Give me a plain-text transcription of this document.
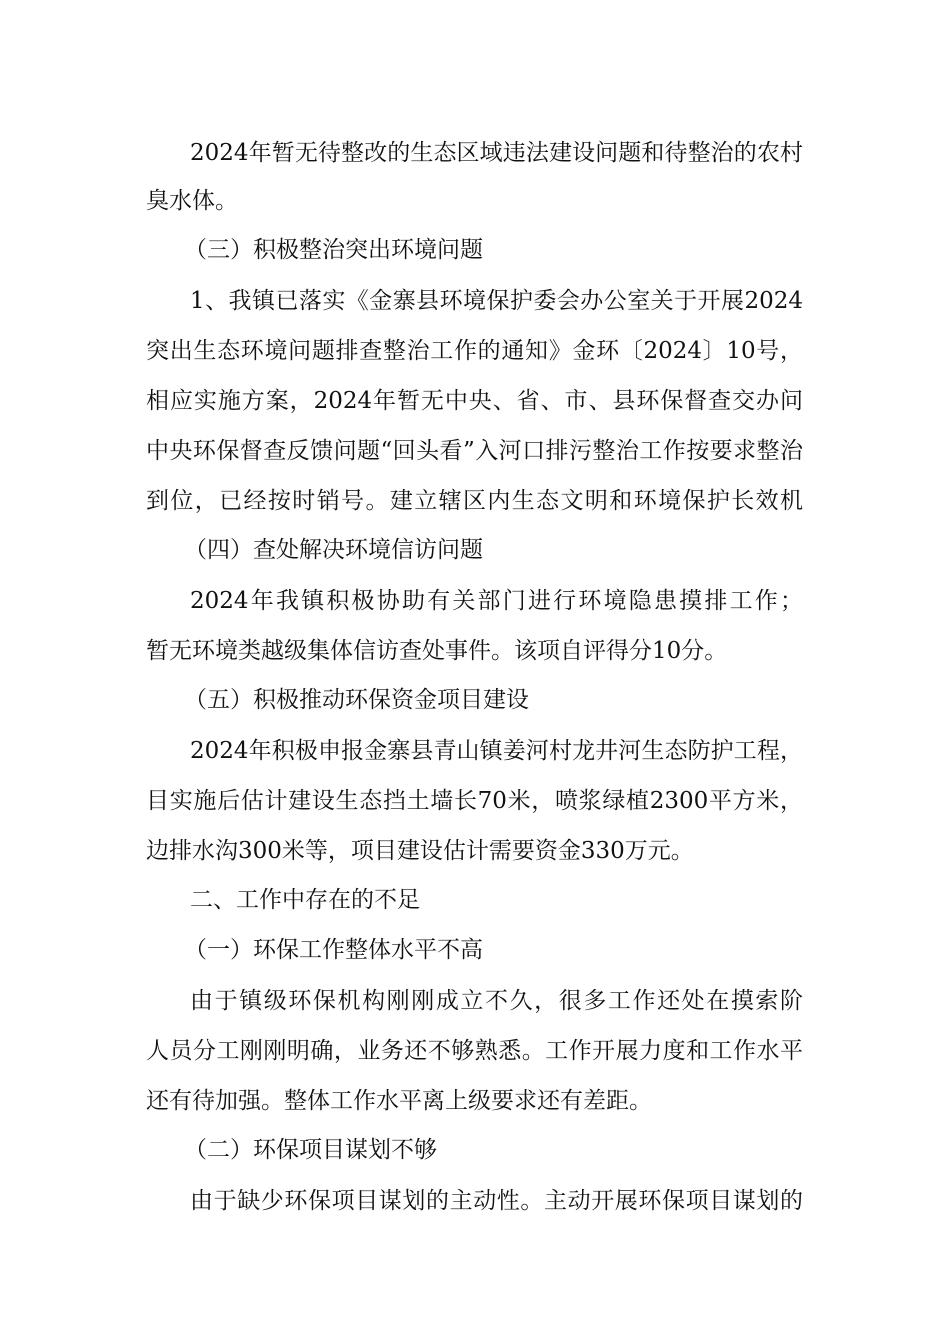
2024年暂无待整改的生态区域违法建设问题和待整治的农村
臭水体。
（三）积极整治突出环境问题
1、我镇已落实《金寨县环境保护委会办公室关于开展2024
突出生态环境问题排查整治工作的通知》金环〔2024〕10号，
相应实施方案，2024年暂无中央、省、市、县环保督查交办问
中央环保督查反馈问题“回头看”入河口排污整治工作按要求整治
到位，已经按时销号。建立辖区内生态文明和环境保护长效机
（四）查处解决环境信访问题
2024年我镇积极协助有关部门进行环境隐患摸排工作；
暂无环境类越级集体信访查处事件。该项自评得分10分。
（五）积极推动环保资金项目建设
2024年积极申报金寨县青山镇姜河村龙井河生态防护工程，
目实施后估计建设生态挡土墙长70米，喷浆绿植2300平方米，
边排水沟300米等，项目建设估计需要资金330万元。
二、工作中存在的不足
（一）环保工作整体水平不高
由于镇级环保机构刚刚成立不久，很多工作还处在摸索阶
人员分工刚刚明确，业务还不够熟悉。工作开展力度和工作水平
还有待加强。整体工作水平离上级要求还有差距。
（二）环保项目谋划不够
由于缺少环保项目谋划的主动性。主动开展环保项目谋划的
